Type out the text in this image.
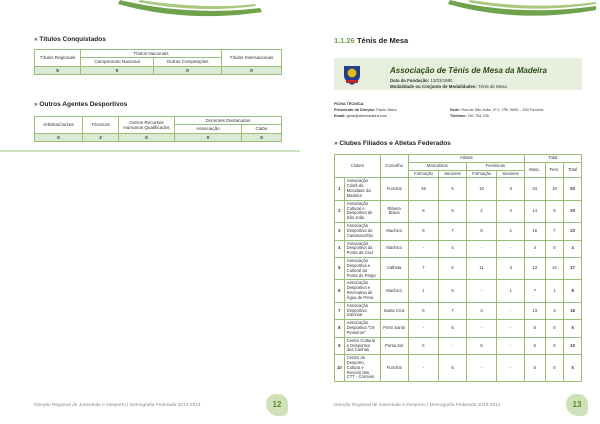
» Títulos Conquistados
Títulos Regionais	Títulos Nacionais		Títulos Internacionais
	Campeonato Nacional	Outras Competições	
5	0	0	0
» Outros Agentes Desportivos
Árbitros/Juízes	Técnicos	Outros Recursos Humanos Qualificados	Docentes Destacados	
			Associação	Clube
0	2	0	0	0
Direção Regional de Juventude e Desporto | Demografia Federada 2013-2014	12
1.1.26 Ténis de Mesa
Associação de Ténis de Mesa da Madeira
Data da Fundação: 13/03/1980
Modalidade ou Conjunto de Modalidades: Ténis de Mesa
FICHA TÉCNICA:
Presidente da Direção: Paulo Vieira
Email: geral@atmmadeira.com
Sede: Rua de São João, nº 2, 1ºB, 9000 – 190 Funchal
Telefone: 291 754 228
» Clubes Filiados e Atletas Federados
Clubes		Concelho	Atletas				Total		
			Masculinos		Femininos		Masc.	Fem.	Total
			Formação	Seniores	Formação	Seniores			
1	Associação Cristã da Mocidade da Madeira	Funchal	26	8	16	3	34	19	53
2	Associação Cultural e Desportiva de São João	Ribeira Brava	8	6	2	4	14	6	20
3	Associação Desportiva do Caramanchão	Machico	9	7	5	2	16	7	23
4	Associação Desportiva da Ponta da Cruz	Machico	-	4	-	-	4	0	4
5	Associação Desportiva e Cultural da Ponta do Pargo	Calheta	7	6	11	3	13	14	27
6	Associação Desportiva e Recreativa de Água de Pena	Machico	1	6	-	1	7	1	8
7	Associação Desportiva Galomar	Santa Cruz	6	7	3	-	13	3	16
8	Associação Desportiva "Os Pioneiros"	Porto Santo	-	6	-	-	6	0	6
9	Centro Cultural e Desportivo dos Canhas	Ponta Sol	5	-	5	-	5	5	10
10	Centro de Desporto, Cultura e Recreio das CTT - Correios	Funchal	-	5	-	-	5	0	5
Direção Regional de Juventude e Desporto | Demografia Federada 2013-2014	13
